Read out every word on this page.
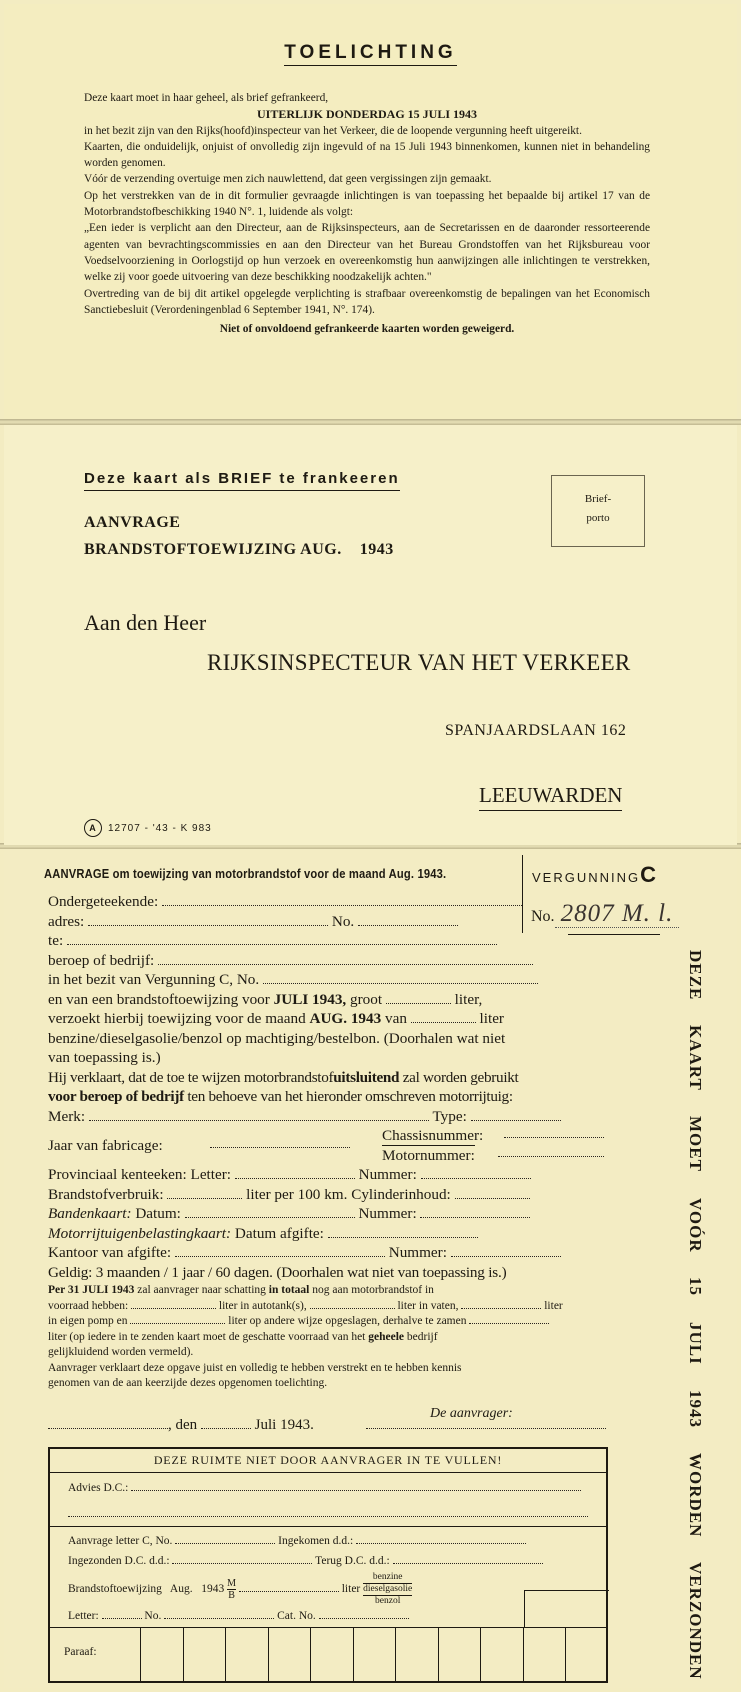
TOELICHTING

Deze kaart moet in haar geheel, als brief gefrankeerd,

UITERLIJK DONDERDAG 15 JULI 1943

in het bezit zijn van den Rijks(hoofd)inspecteur van het Verkeer, die de loopende vergunning heeft uitgereikt.

Kaarten, die onduidelijk, onjuist of onvolledig zijn ingevuld of na 15 Juli 1943 binnenkomen, kunnen niet in behandeling worden genomen.

Vóór de verzending overtuige men zich nauwlettend, dat geen vergissingen zijn gemaakt.

Op het verstrekken van de in dit formulier gevraagde inlichtingen is van toepassing het bepaalde bij artikel 17 van de Motorbrandstofbeschikking 1940 N°. 1, luidende als volgt:

„Een ieder is verplicht aan den Directeur, aan de Rijksinspecteurs, aan de Secretarissen en de daaronder ressorteerende agenten van bevrachtingscommissies en aan den Directeur van het Bureau Grondstoffen van het Rijksbureau voor Voedselvoorziening in Oorlogstijd op hun verzoek en overeenkomstig hun aanwijzingen alle inlichtingen te verstrekken, welke zij voor goede uitvoering van deze beschikking noodzakelijk achten."

Overtreding van de bij dit artikel opgelegde verplichting is strafbaar overeenkomstig de bepalingen van het Economisch Sanctiebesluit (Verordeningenblad 6 September 1941, N°. 174).

Niet of onvoldoend gefrankeerde kaarten worden geweigerd.

Deze kaart als BRIEF te frankeeren
Brief-
porto
AANVRAGE
BRANDSTOFTOEWIJZING AUG.    1943
Aan den Heer
RIJKSINSPECTEUR VAN HET VERKEER
SPANJAARDSLAAN 162
LEEUWARDEN
A	12707 - '43 - K 983
AANVRAGE om toewijzing van motorbrandstof voor de maand Aug. 1943.	VERGUNNINGC
No. 2807 M. l.

Ondergeteekende:

adres:	No.

te:

beroep of bedrijf:

in het bezit van Vergunning C, No.

en van een brandstoftoewijzing voor JULI 1943, groot	liter,

verzoekt hierbij toewijzing voor de maand AUG. 1943 van	liter

benzine/dieselgasolie/benzol op machtiging/bestelbon. (Doorhalen wat niet

van toepassing is.)

Hij verklaart, dat de toe te wijzen motorbrandstofuitsluitend zal worden gebruikt

voor beroep of bedrijf ten behoeve van het hieronder omschreven motorrijtuig:

Merk:	Type:

Jaar van fabricage:
Chassisnummer:
Motornummer:

Provinciaal kenteeken: Letter:	Nummer:

Brandstofverbruik:	liter per 100 km. Cylinderinhoud:

Bandenkaart: Datum:	Nummer:

Motorrijtuigenbelastingkaart: Datum afgifte:

Kantoor van afgifte:	Nummer:

Geldig: 3 maanden / 1 jaar / 60 dagen. (Doorhalen wat niet van toepassing is.)

Per 31 JULI 1943 zal aanvrager naar schatting in totaal nog aan motorbrandstof in
voorraad hebben:	liter in autotank(s),	liter in vaten,	liter
in eigen pomp en	liter op andere wijze opgeslagen, derhalve te zamen
liter (op iedere in te zenden kaart moet de geschatte voorraad van het geheele bedrijf
gelijkluidend worden vermeld).
Aanvrager verklaart deze opgave juist en volledig te hebben verstrekt en te hebben kennis
genomen van de aan keerzijde dezes opgenomen toelichting.
De aanvrager:
, den	Juli 1943.
DEZE
KAART
MOET
VOÓR
15
JULI
1943
WORDEN
VERZONDEN
DEZE RUIMTE NIET DOOR AANVRAGER IN TE VULLEN!
Advies D.C.:
Aanvrage letter C, No.	Ingekomen d.d.:
Ingezonden D.C. d.d.:	Terug D.C. d.d.:
Brandstoftoewijzing   Aug.   $1943 \frac{M}{B}$	liter
benzine
dieselgasolie
benzol
Letter:	No.	Cat. No.
Paraaf:
